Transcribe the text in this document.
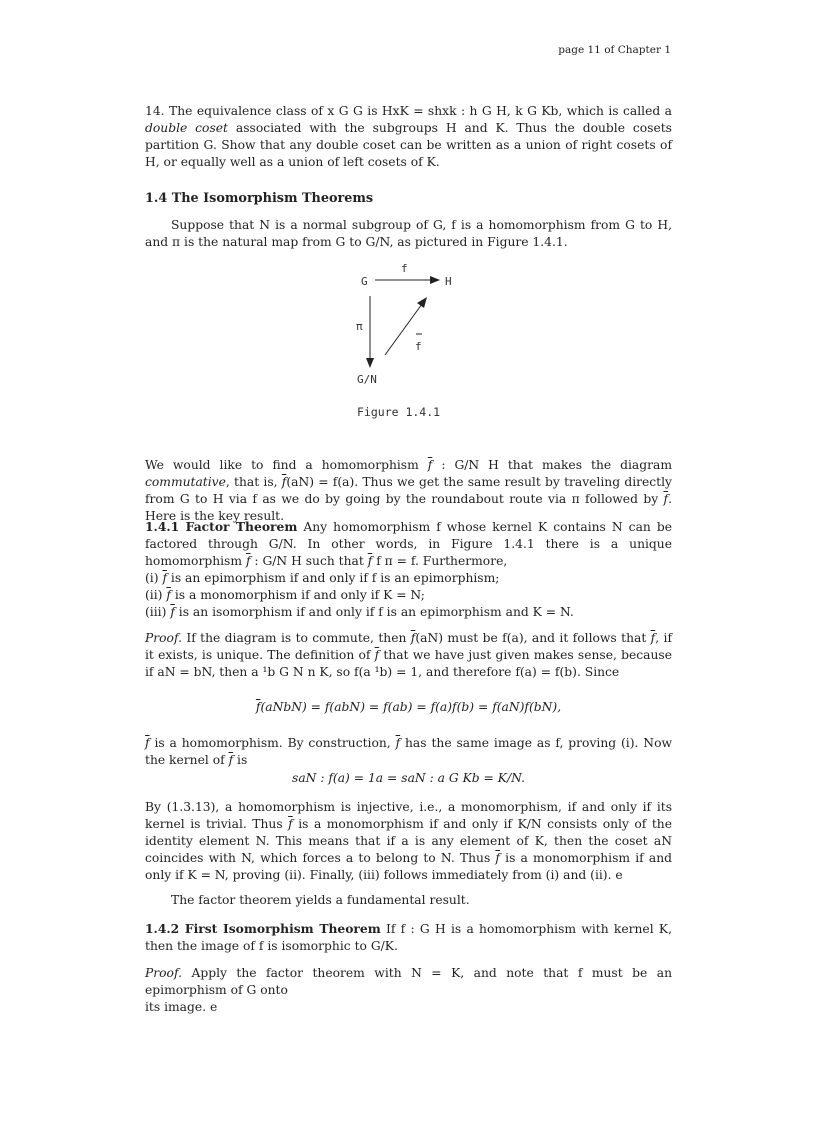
page 11 of Chapter 1

14. The equivalence class of x G G is HxK = shxk : h G H, k G Kb, which is called a double coset associated with the subgroups H and K. Thus the double cosets partition G. Show that any double coset can be written as a union of right cosets of H, or equally well as a union of left cosets of K.

1.4 The Isomorphism Theorems

Suppose that N is a normal subgroup of G, f is a homomorphism from G to H, and π is the natural map from G to G/N, as pictured in Figure 1.4.1.

G	H
G/N
f
π
f
Figure 1.4.1

We would like to find a homomorphism $\overline{f}$ : G/N H that makes the diagram commutative, that is, $\overline{f}(aN) = f(a)$. Thus we get the same result by traveling directly from G to H via f as we do by going by the roundabout route via π followed by $\overline{f}$. Here is the key result.

1.4.1 Factor Theorem Any homomorphism f whose kernel K contains N can be factored through G/N. In other words, in Figure 1.4.1 there is a unique homomorphism $\overline{f}$ : G/N H such that $\overline{f}$ f π = f. Furthermore,

(i) $\overline{f}$ is an epimorphism if and only if f is an epimorphism;
(ii) $\overline{f}$ is a monomorphism if and only if K = N;
(iii) $\overline{f}$ is an isomorphism if and only if f is an epimorphism and K = N.

Proof. If the diagram is to commute, then $\overline{f}(aN)$ must be f(a), and it follows that $\overline{f}$, if it exists, is unique. The definition of $\overline{f}$ that we have just given makes sense, because if aN = bN, then a ¹b G N n K, so f(a ¹b) = 1, and therefore f(a) = f(b). Since

$\overline{f}(aNbN) = f(abN) = f(ab) = f(a)f(b) = f(aN)f(bN)$,

$\overline{f}$ is a homomorphism. By construction, $\overline{f}$ has the same image as f, proving (i). Now the kernel of $\overline{f}$ is

saN : f(a) = 1a = saN : a G Kb = K/N.

By (1.3.13), a homomorphism is injective, i.e., a monomorphism, if and only if its kernel is trivial. Thus $\overline{f}$ is a monomorphism if and only if K/N consists only of the identity element N. This means that if a is any element of K, then the coset aN coincides with N, which forces a to belong to N. Thus $\overline{f}$ is a monomorphism if and only if K = N, proving (ii). Finally, (iii) follows immediately from (i) and (ii). e

The factor theorem yields a fundamental result.

1.4.2 First Isomorphism Theorem If f : G H is a homomorphism with kernel K, then the image of f is isomorphic to G/K.

Proof. Apply the factor theorem with N = K, and note that f must be an epimorphism of G onto

its image. e
